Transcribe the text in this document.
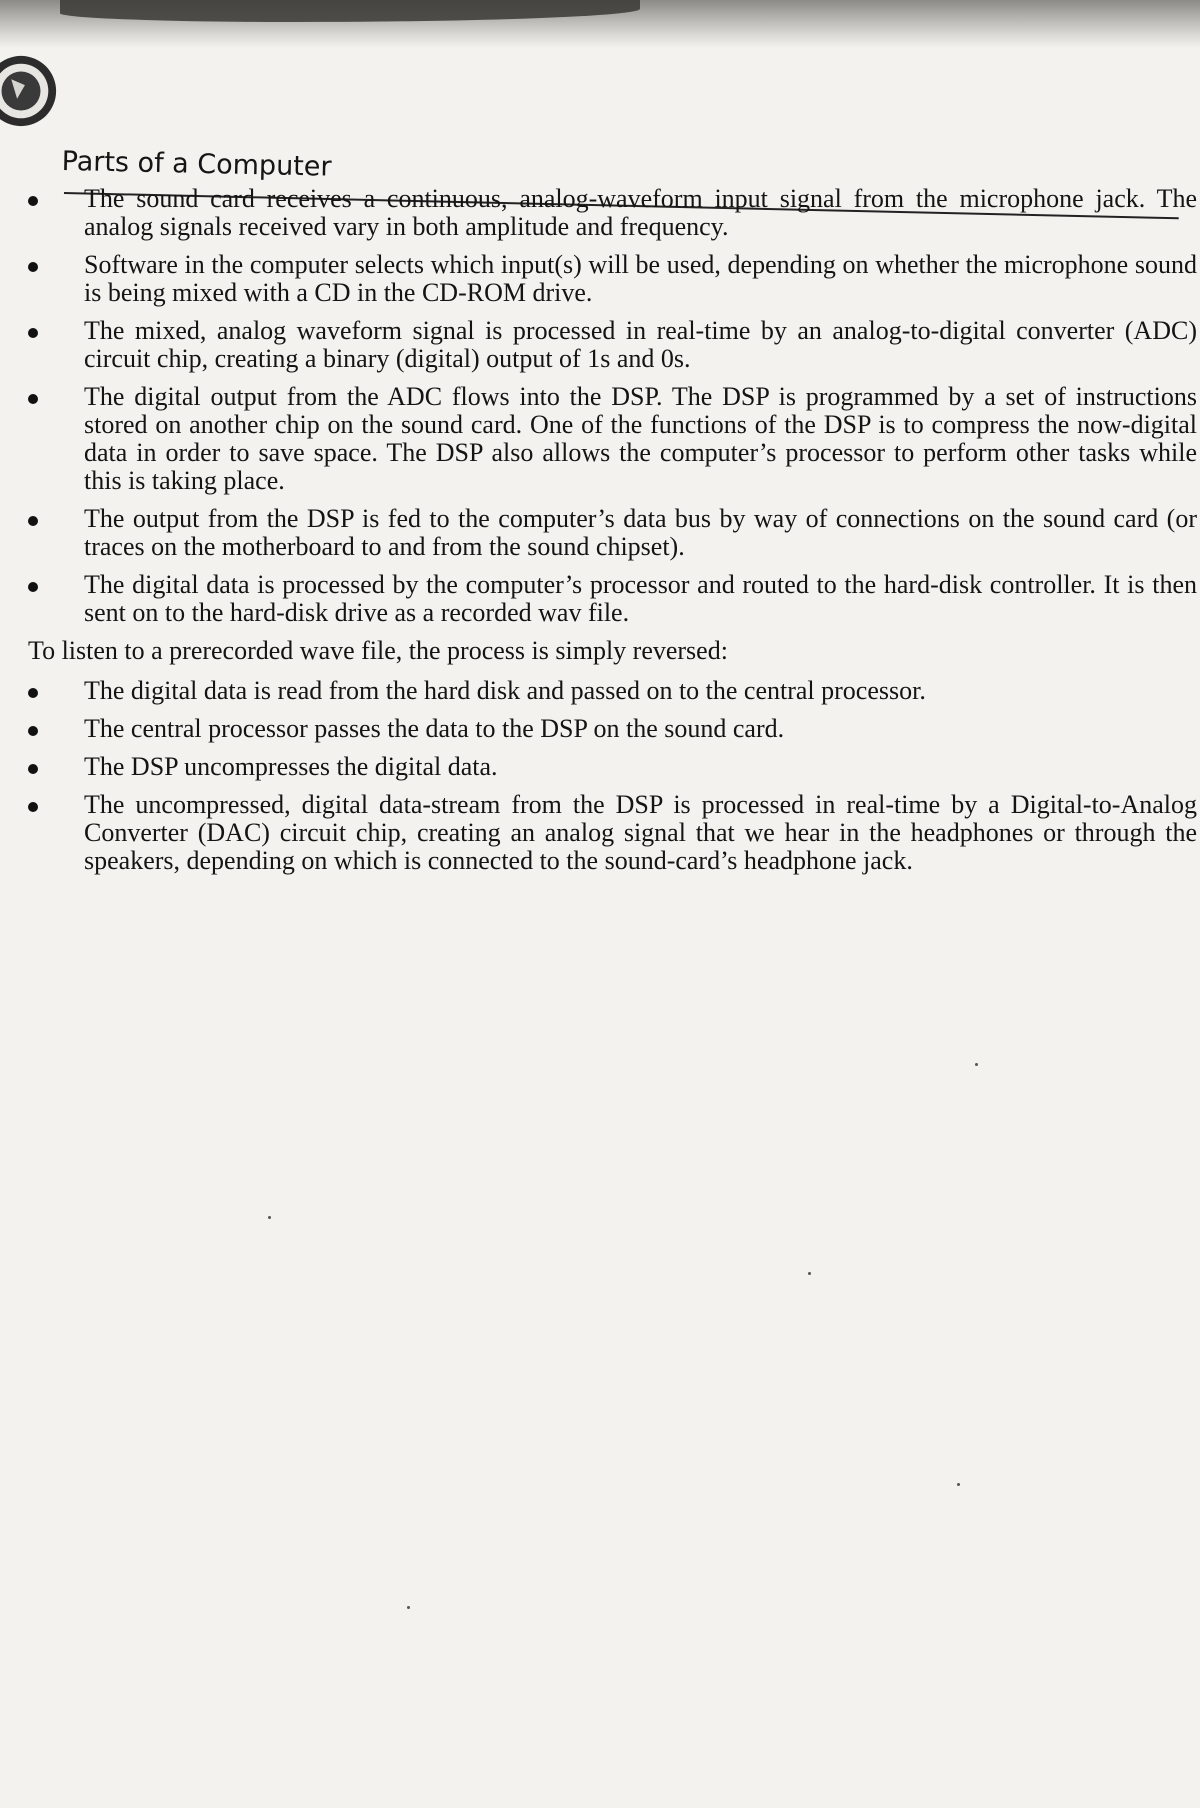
Parts of a Computer
The sound card receives a continuous, analog-waveform input signal from the microphone jack. The analog signals received vary in both amplitude and frequency.
Software in the computer selects which input(s) will be used, depending on whether the microphone sound is being mixed with a CD in the CD-ROM drive.
The mixed, analog waveform signal is processed in real-time by an analog-to-digital converter (ADC) circuit chip, creating a binary (digital) output of 1s and 0s.
The digital output from the ADC flows into the DSP. The DSP is programmed by a set of instructions stored on another chip on the sound card. One of the functions of the DSP is to compress the now-digital data in order to save space. The DSP also allows the computer’s processor to perform other tasks while this is taking place.
The output from the DSP is fed to the computer’s data bus by way of connections on the sound card (or traces on the motherboard to and from the sound chipset).
The digital data is processed by the computer’s processor and routed to the hard-disk controller. It is then sent on to the hard-disk drive as a recorded wav file.

To listen to a prerecorded wave file, the process is simply reversed:

The digital data is read from the hard disk and passed on to the central processor.
The central processor passes the data to the DSP on the sound card.
The DSP uncompresses the digital data.
The uncompressed, digital data-stream from the DSP is processed in real-time by a Digital-to-Analog Converter (DAC) circuit chip, creating an analog signal that we hear in the headphones or through the speakers, depending on which is connected to the sound-card’s headphone jack.
